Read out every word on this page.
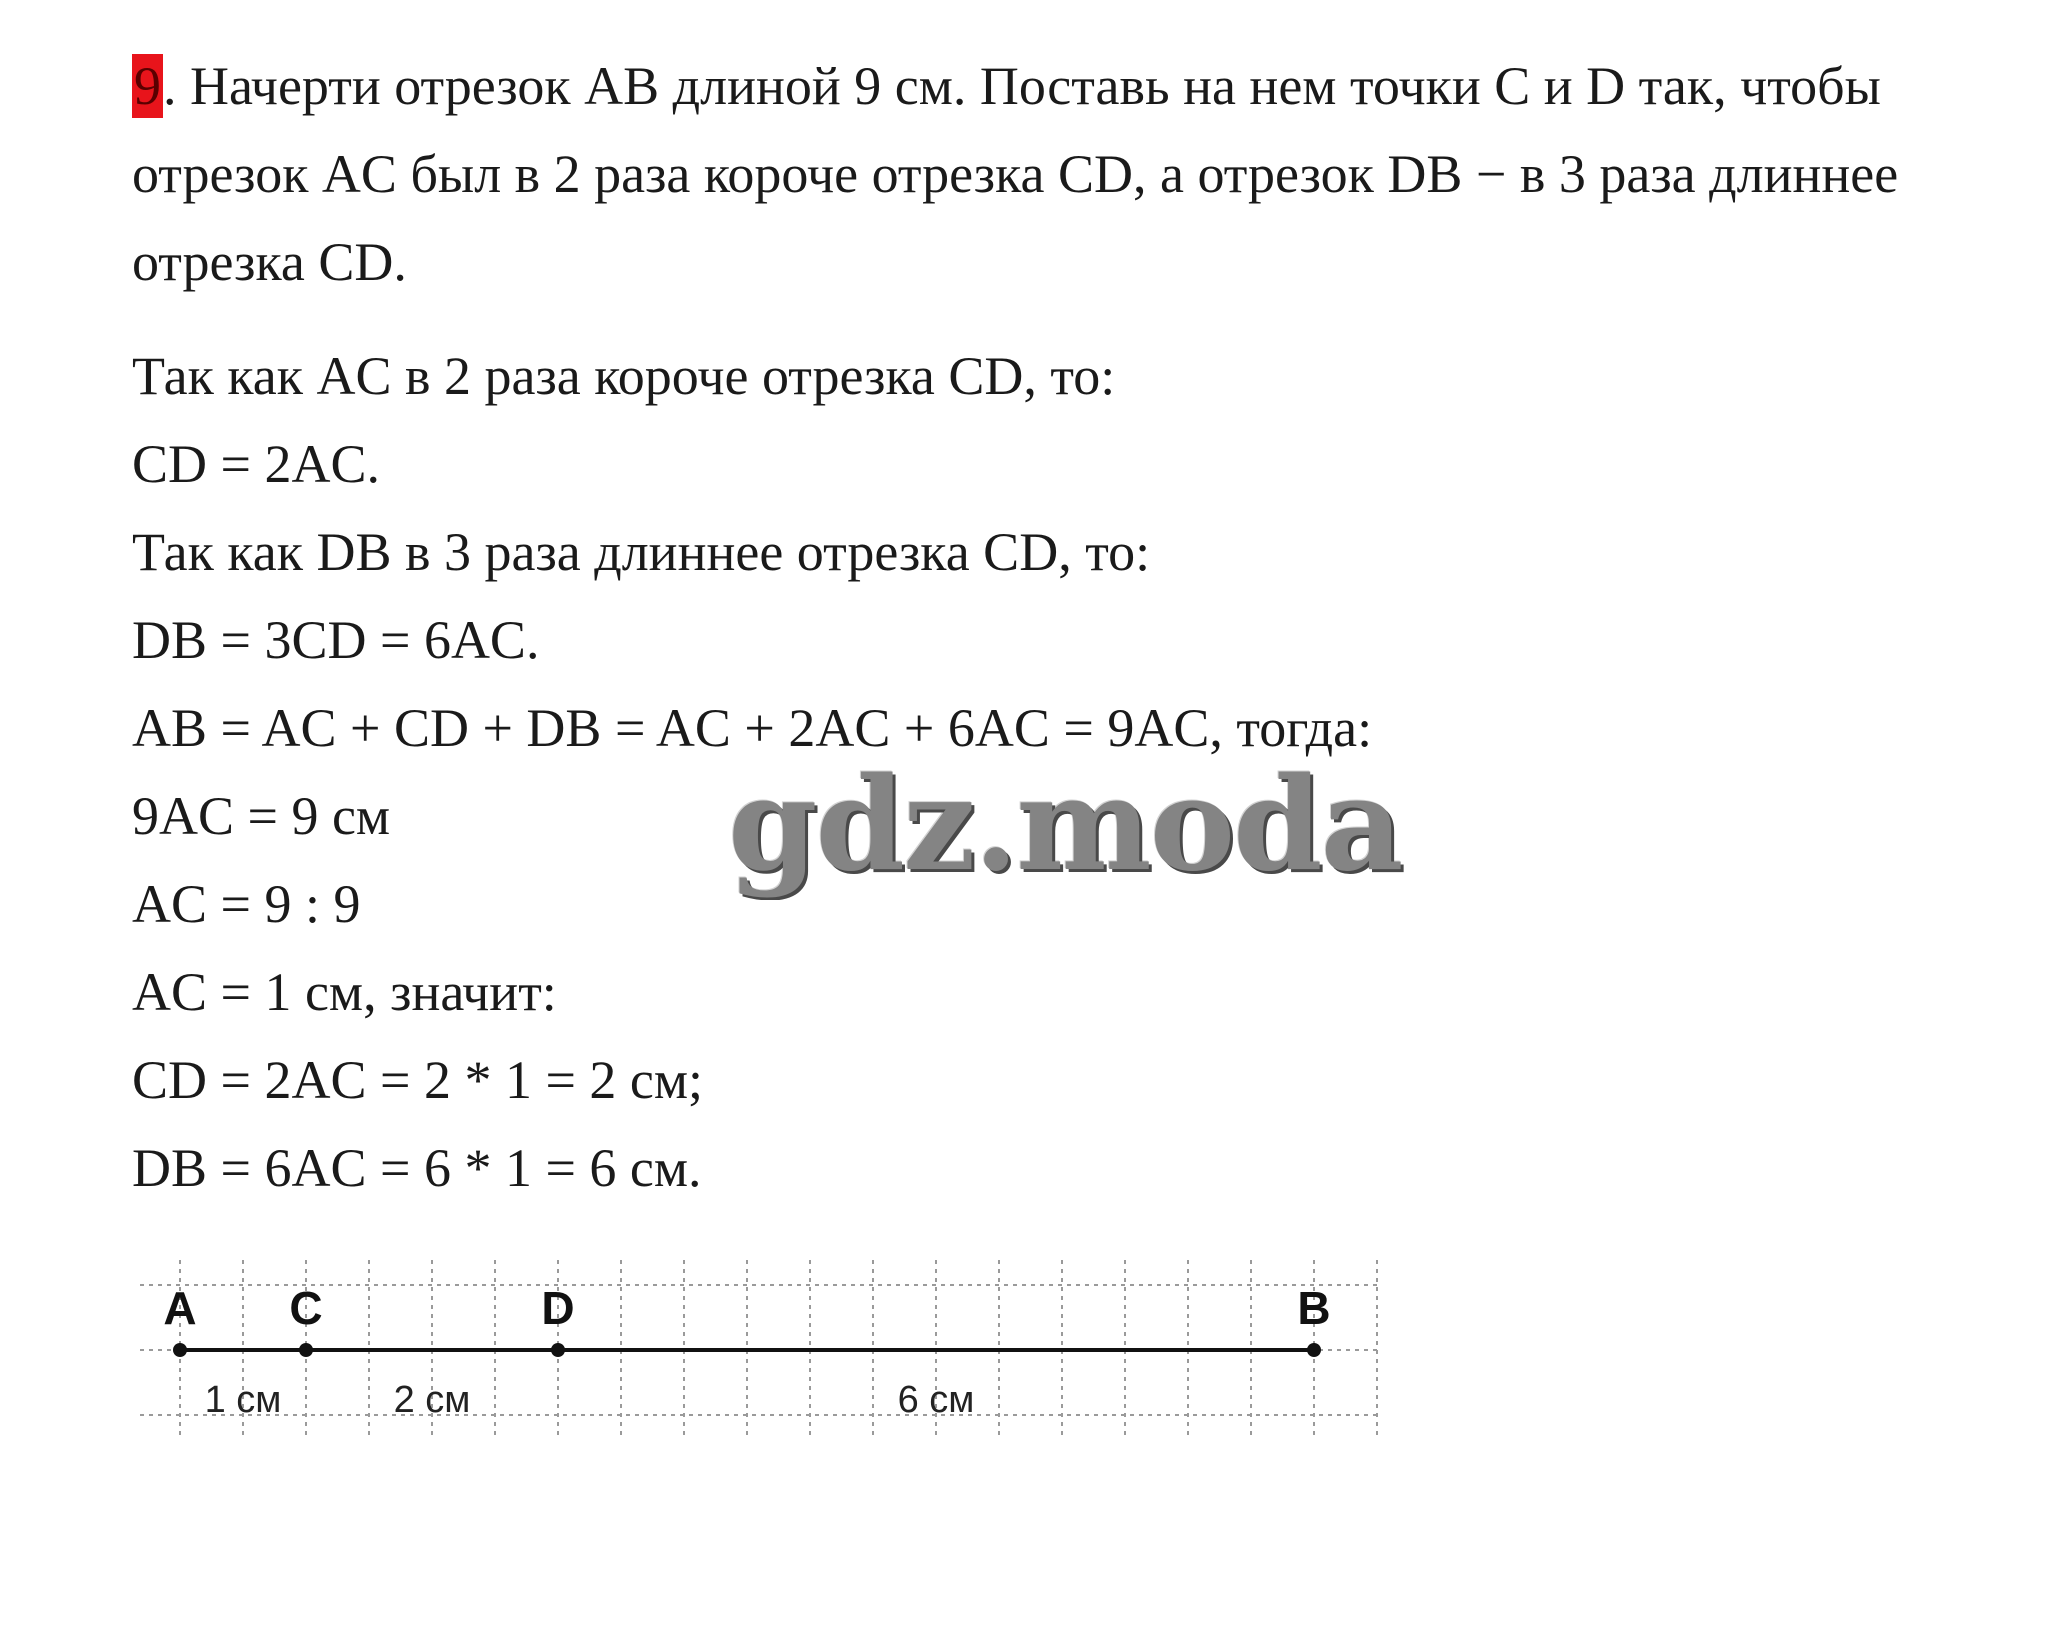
9. Начерти отрезок AB длиной 9 см. Поставь на нем точки C и D так, чтобы отрезок AC был в 2 раза короче отрезка CD, а отрезок DB − в 3 раза длиннее отрезка CD.
Так как AC в 2 раза короче отрезка CD, то:
CD = 2AC.
Так как DB в 3 раза длиннее отрезка CD, то:
DB = 3CD = 6AC.
AB = AC + CD + DB = AC + 2AC + 6AC = 9AC, тогда:
9AC = 9 см
AC = 9 : 9
AC = 1 см, значит:
CD = 2AC = 2 * 1 = 2 см;
DB = 6AC = 6 * 1 = 6 см.
gdz.moda
A C	D	B
1 см	2 см	6 см
